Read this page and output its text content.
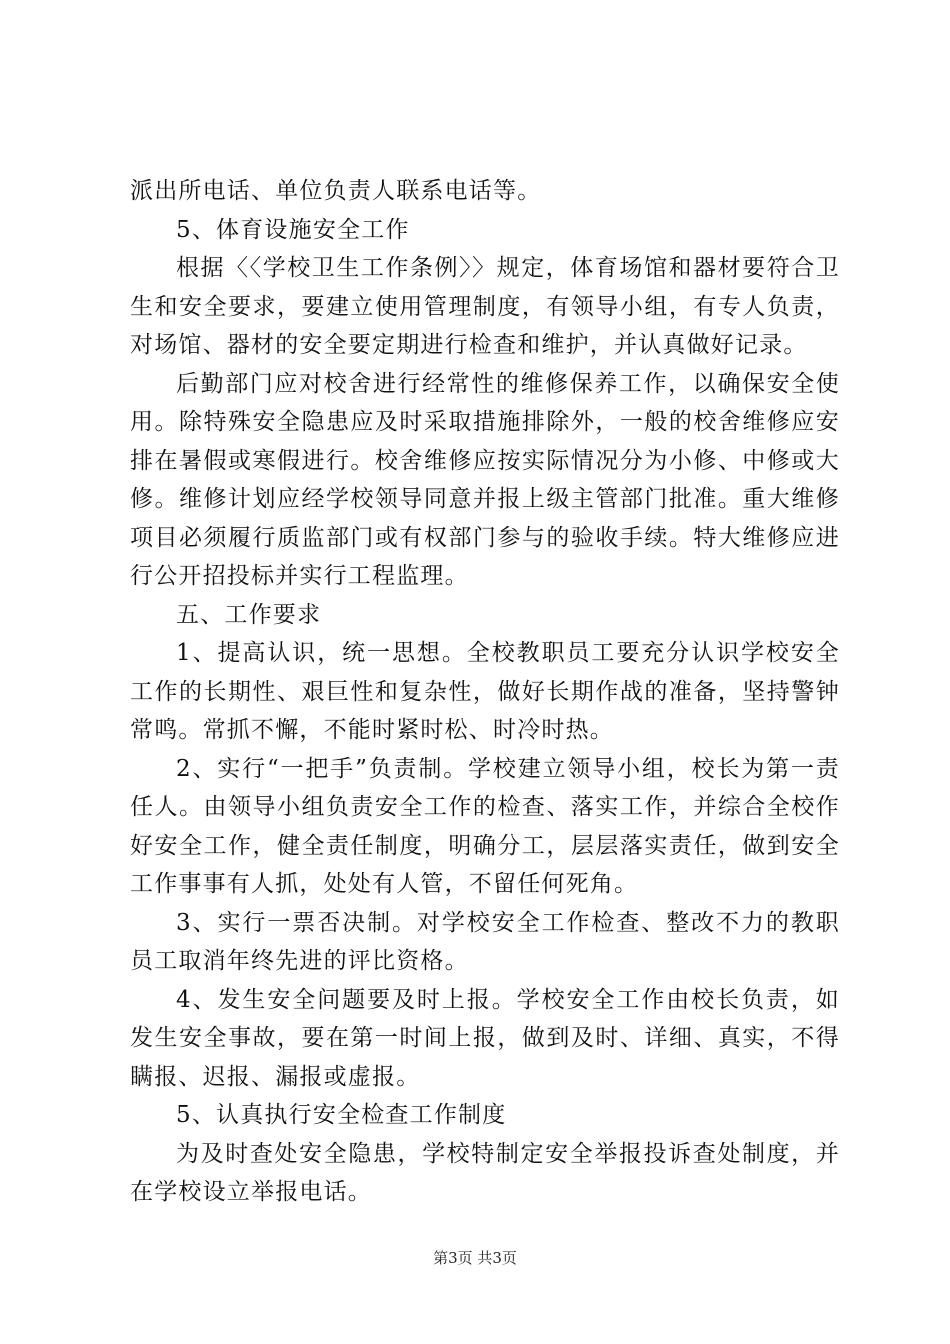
派出所电话、单位负责人联系电话等。

5、体育设施安全工作

根据〈〈学校卫生工作条例〉〉规定，体育场馆和器材要符合卫生和安全要求，要建立使用管理制度，有领导小组，有专人负责，对场馆、器材的安全要定期进行检查和维护，并认真做好记录。

后勤部门应对校舍进行经常性的维修保养工作，以确保安全使用。除特殊安全隐患应及时采取措施排除外，一般的校舍维修应安排在暑假或寒假进行。校舍维修应按实际情况分为小修、中修或大修。维修计划应经学校领导同意并报上级主管部门批准。重大维修项目必须履行质监部门或有权部门参与的验收手续。特大维修应进行公开招投标并实行工程监理。

五、工作要求

1、提高认识，统一思想。全校教职员工要充分认识学校安全工作的长期性、艰巨性和复杂性，做好长期作战的准备，坚持警钟常鸣。常抓不懈，不能时紧时松、时冷时热。

2、实行“一把手”负责制。学校建立领导小组，校长为第一责任人。由领导小组负责安全工作的检查、落实工作，并综合全校作好安全工作，健全责任制度，明确分工，层层落实责任，做到安全工作事事有人抓，处处有人管，不留任何死角。

3、实行一票否决制。对学校安全工作检查、整改不力的教职员工取消年终先进的评比资格。

4、发生安全问题要及时上报。学校安全工作由校长负责，如发生安全事故，要在第一时间上报，做到及时、详细、真实，不得瞒报、迟报、漏报或虚报。

5、认真执行安全检查工作制度

为及时查处安全隐患，学校特制定安全举报投诉查处制度，并在学校设立举报电话。

第3页 共3页
